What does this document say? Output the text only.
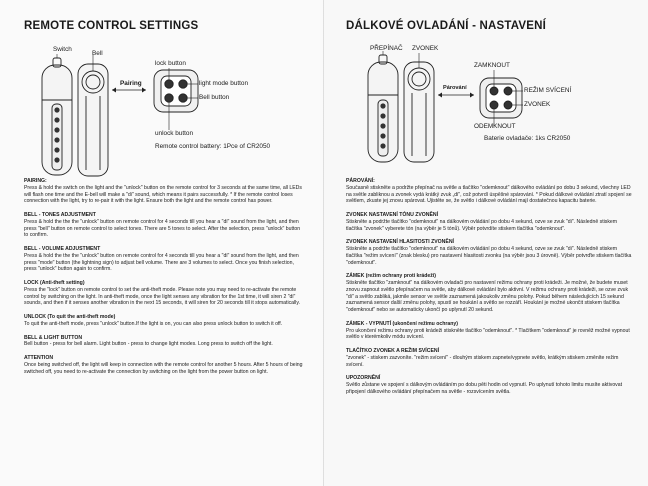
REMOTE CONTROL SETTINGS
Switch
Bell
Pairing
lock button
light mode button
Bell button
unlock button
Remote control battery: 1Pce of CR2050
PAIRING:
Press & hold the switch on the light and the "unlock" button on the remote control for 3 seconds at the same time, all LEDs will flash one time and the E-bell will make a "di" sound, which means it pairs successfully. * If the remote control loses connection with the light, try to re-pair it with the light. Ensure both the light and the remote control has power.
BELL - TONES ADJUSTMENT
Press & hold the the the "unlock" button on remote control for 4 seconds till you hear a "di" sound from the light, and then press "bell" button on remote control to select tones. There are 5 tones to select. After the selection, press "unlock" button to confirm.
BELL - VOLUME ADJUSTMENT
Press & hold the the the "unlock" button on remote control for 4 seconds till you hear a "di" sound from the light, and then press "mode" button (the lightning sign) to adjust bell volume. There are 3 volumes to select. Once you finish selection, press "unlock" button again to confirm.
LOCK (Anti-theft setting)
Press the "lock" button on remote control to set the anti-theft mode. Please note you may need to re-activate the remote control by switching on the light. In anti-theft mode, once the light senses any vibration for the 1st time, it will siren 2 "di" sounds, and then if it senses another vibration in the next 15 seconds, it will siren for 20 seconds till it stops automatically.
UNLOCK (To quit the anti-theft mode)
To quit the anti-theft mode, press "unlock" button.If the light is on, you can also press unlock button to switch it off.
BELL & LIGHT BUTTON
Bell button - press for bell alarm. Light button - press to change light modes. Long press to switch off the light.
ATTENTION
Once being switched off, the light will keep in connection with the remote control for another 5 hours. After 5 hours of being switched off, you need to re-activate the connection by switching on the light from the power button on light.
DÁLKOVÉ OVLADÁNÍ - NASTAVENÍ
PŘEPÍNAČ ZVONEK
Párování
ZAMKNOUT
REŽIM SVÍCENÍ
ZVONEK
ODEMKNOUT
Baterie ovladače: 1ks CR2050
PÁROVÁNÍ:
Současně stiskněte a podržte přepínač na světle a tlačítko "odemknout" dálkového ovládání po dobu 3 sekund, všechny LED na světle zabliknou a zvonek vydá krátký zvuk „di", což potvrdí úspěšné spárování. * Pokud dálkové ovládání ztratí spojení se světlem, zkuste jej znovu spárovat. Ujistěte se, že světlo i dálkové ovládání mají dostatečnou kapacitu baterie.
ZVONEK NASTAVENÍ TÓNU ZVONĚNÍ
Stiskněte a podržte tlačítko "odemknout" na dálkovém ovládání po dobu 4 sekund, ozve se zvuk "di". Následně stiskem tlačítka "zvonek" vyberete tón (na výběr je 5 tónů). Výběr potvrdíte stiskem tlačítka "odemknout".
ZVONEK NASTAVENÍ HLASITOSTI ZVONĚNÍ
Stiskněte a podržte tlačítko "odemknout" na dálkovém ovládání po dobu 4 sekund, ozve se zvuk "di". Následně stiskem tlačítka "režim svícení" (znak blesku) pro nastavení hlasitosti zvonku (na výběr jsou 3 úrovně). Výběr potvrďte stiskem tlačítka "odemknout".
ZÁMEK (režim ochrany proti krádeži)
Stiskněte tlačítko "zamknout" na dálkovém ovladači pro nastavení režimu ochrany proti krádeži. Je možné, že budete muset znovu zapnout světlo přepínačem na světle, aby dálkové ovládání bylo aktivní. V režimu ochrany proti krádeži, se ozve zvuk "di" a světlo zabliká, jakmile sensor ve světle zaznamená jakoukoliv změnu polohy. Pokud během následujících 15 sekund zaznamená sensor další změnu polohy, spustí se houkání a světlo se rozzáří. Houkání je možné ukončit stiskem tlačítka "odemknout" nebo se automaticky ukončí po uplynutí 20 sekund.
ZÁMEK - VYPNUTÍ (ukončení režimu ochrany)
Pro ukončení režimu ochrany proti krádeži stiskněte tlačítko "odemknout". * Tlačítkem "odemknout" je rovněž možné vypnout světlo v kterémkoliv módu svícení.
TLAČÍTKO ZVONEK A REŽIM SVÍCENÍ
"zvonek" - stiskem zazvoníte. "režim svícení" - dlouhým stiskem zapnete/vypnete světlo, krátkým stiskem změníte režim svícení.
UPOZORNĚNÍ
Světlo zůstane ve spojení s dálkovým ovládáním po dobu pěti hodin od vypnutí. Po uplynutí tohoto limitu musíte aktivovat připojení dálkového ovládání přepínačem na světle - rozsvícením světla.
